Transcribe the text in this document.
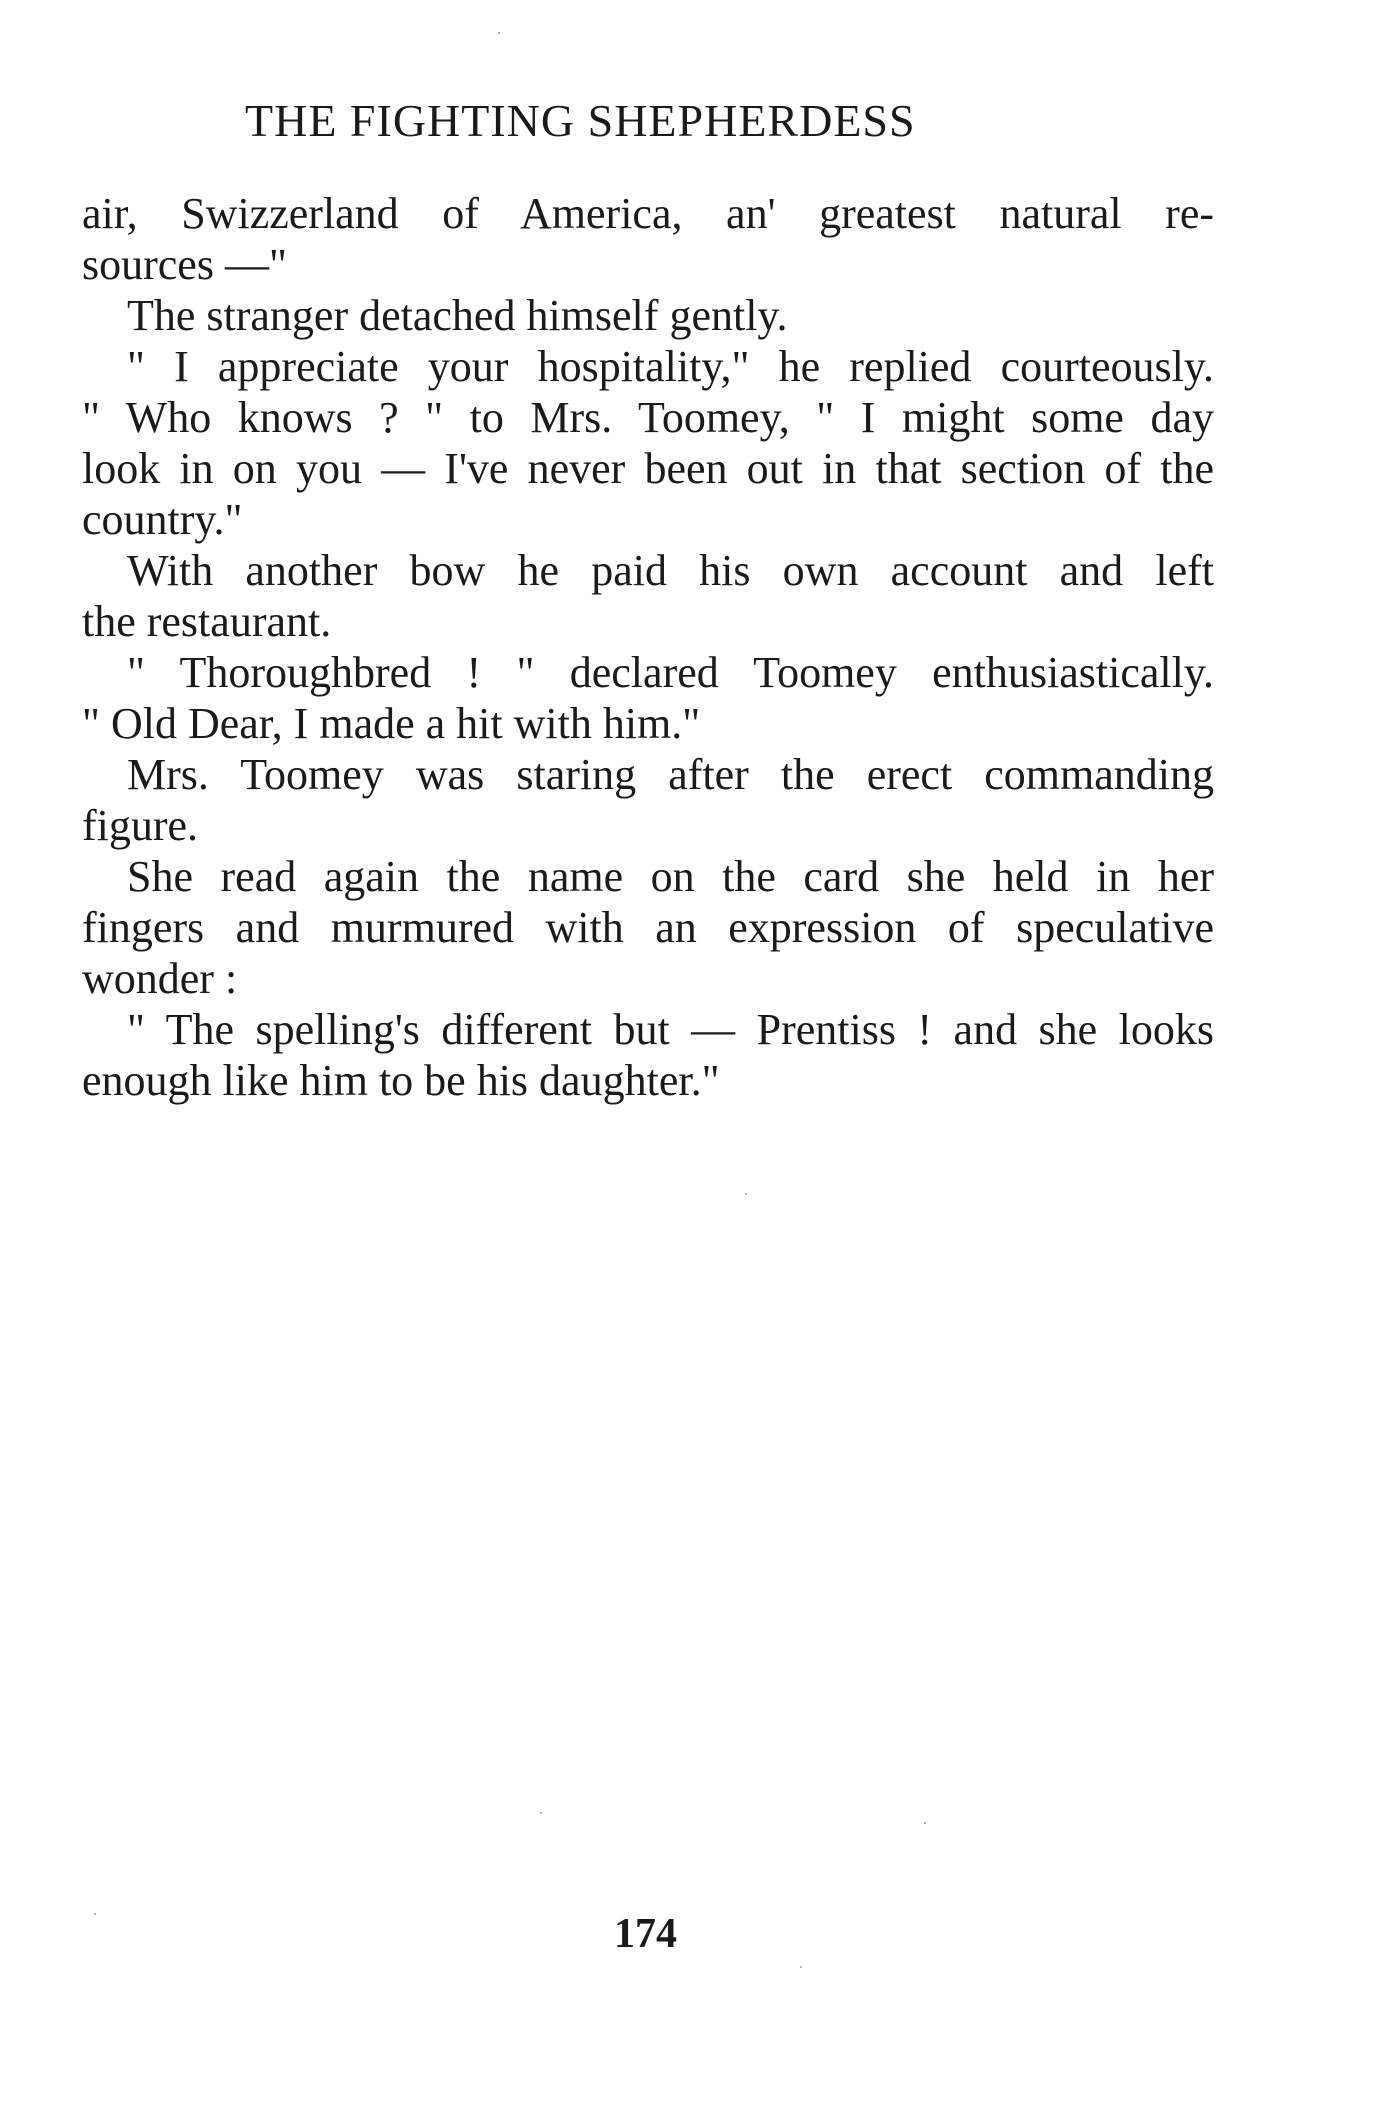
THE FIGHTING SHEPHERDESS
air, Swizzerland of America, an' greatest natural re-
sources —"
The stranger detached himself gently.
" I appreciate your hospitality," he replied courteously.
" Who knows ? " to Mrs. Toomey, " I might some day
look in on you — I've never been out in that section of the
country."
With another bow he paid his own account and left
the restaurant.
" Thoroughbred ! " declared Toomey enthusiastically.
" Old Dear, I made a hit with him."
Mrs. Toomey was staring after the erect commanding
figure.
She read again the name on the card she held in her
fingers and murmured with an expression of speculative
wonder :
" The spelling's different but — Prentiss ! and she looks
enough like him to be his daughter."
174
